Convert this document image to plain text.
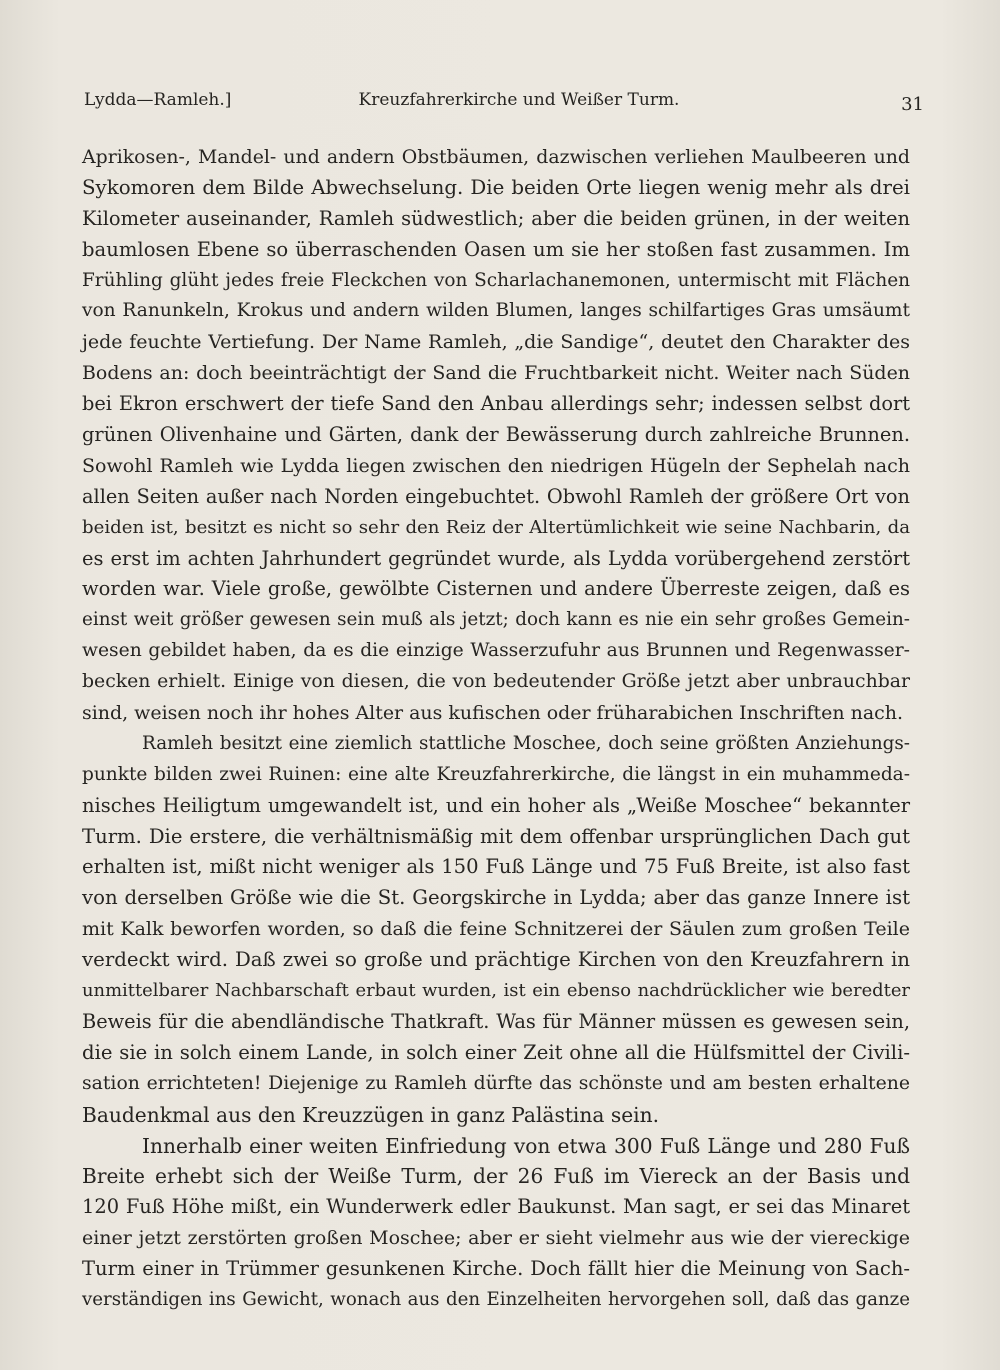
Lydda—Ramleh.]	Kreuzfahrerkirche und Weißer Turm.	31
Aprikosen-, Mandel- und andern Obstbäumen, dazwischen verliehen Maulbeeren und
Sykomoren dem Bilde Abwechselung. Die beiden Orte liegen wenig mehr als drei
Kilometer auseinander, Ramleh südwestlich; aber die beiden grünen, in der weiten
baumlosen Ebene so überraschenden Oasen um sie her stoßen fast zusammen. Im
Frühling glüht jedes freie Fleckchen von Scharlachanemonen, untermischt mit Flächen
von Ranunkeln, Krokus und andern wilden Blumen, langes schilfartiges Gras umsäumt
jede feuchte Vertiefung. Der Name Ramleh, „die Sandige“, deutet den Charakter des
Bodens an: doch beeinträchtigt der Sand die Fruchtbarkeit nicht. Weiter nach Süden
bei Ekron erschwert der tiefe Sand den Anbau allerdings sehr; indessen selbst dort
grünen Olivenhaine und Gärten, dank der Bewässerung durch zahlreiche Brunnen.
Sowohl Ramleh wie Lydda liegen zwischen den niedrigen Hügeln der Sephelah nach
allen Seiten außer nach Norden eingebuchtet. Obwohl Ramleh der größere Ort von
beiden ist, besitzt es nicht so sehr den Reiz der Altertümlichkeit wie seine Nachbarin, da
es erst im achten Jahrhundert gegründet wurde, als Lydda vorübergehend zerstört
worden war. Viele große, gewölbte Cisternen und andere Überreste zeigen, daß es
einst weit größer gewesen sein muß als jetzt; doch kann es nie ein sehr großes Gemein-
wesen gebildet haben, da es die einzige Wasserzufuhr aus Brunnen und Regenwasser-
becken erhielt. Einige von diesen, die von bedeutender Größe jetzt aber unbrauchbar
sind, weisen noch ihr hohes Alter aus kufischen oder früharabichen Inschriften nach.
Ramleh besitzt eine ziemlich stattliche Moschee, doch seine größten Anziehungs-
punkte bilden zwei Ruinen: eine alte Kreuzfahrerkirche, die längst in ein muhammeda-
nisches Heiligtum umgewandelt ist, und ein hoher als „Weiße Moschee“ bekannter
Turm. Die erstere, die verhältnismäßig mit dem offenbar ursprünglichen Dach gut
erhalten ist, mißt nicht weniger als 150 Fuß Länge und 75 Fuß Breite, ist also fast
von derselben Größe wie die St. Georgskirche in Lydda; aber das ganze Innere ist
mit Kalk beworfen worden, so daß die feine Schnitzerei der Säulen zum großen Teile
verdeckt wird. Daß zwei so große und prächtige Kirchen von den Kreuzfahrern in
unmittelbarer Nachbarschaft erbaut wurden, ist ein ebenso nachdrücklicher wie beredter
Beweis für die abendländische Thatkraft. Was für Männer müssen es gewesen sein,
die sie in solch einem Lande, in solch einer Zeit ohne all die Hülfsmittel der Civili-
sation errichteten! Diejenige zu Ramleh dürfte das schönste und am besten erhaltene
Baudenkmal aus den Kreuzzügen in ganz Palästina sein.
Innerhalb einer weiten Einfriedung von etwa 300 Fuß Länge und 280 Fuß
Breite erhebt sich der Weiße Turm, der 26 Fuß im Viereck an der Basis und
120 Fuß Höhe mißt, ein Wunderwerk edler Baukunst. Man sagt, er sei das Minaret
einer jetzt zerstörten großen Moschee; aber er sieht vielmehr aus wie der viereckige
Turm einer in Trümmer gesunkenen Kirche. Doch fällt hier die Meinung von Sach-
verständigen ins Gewicht, wonach aus den Einzelheiten hervorgehen soll, daß das ganze
